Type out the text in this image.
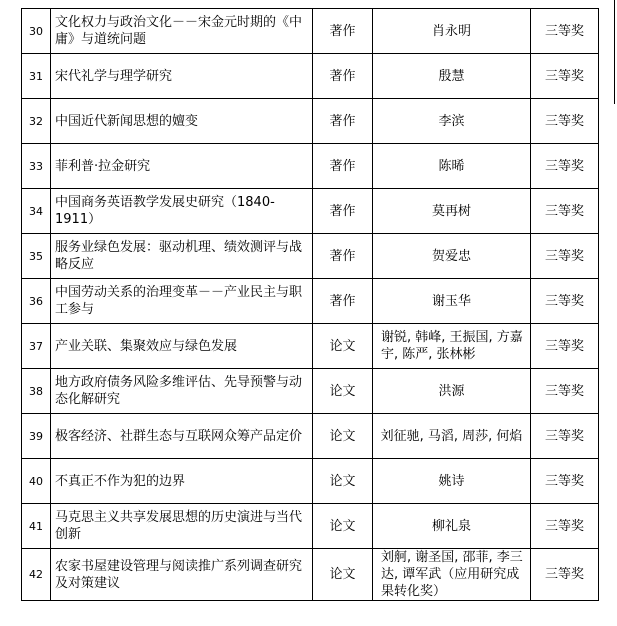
30	文化权力与政治文化－－宋金元时期的《中庸》与道统问题	著作	肖永明	三等奖
31	宋代礼学与理学研究	著作	殷慧	三等奖
32	中国近代新闻思想的嬗变	著作	李滨	三等奖
33	菲利普·拉金研究	著作	陈晞	三等奖
34	中国商务英语教学发展史研究（1840-1911）	著作	莫再树	三等奖
35	服务业绿色发展：驱动机理、绩效测评与战略反应	著作	贺爱忠	三等奖
36	中国劳动关系的治理变革－－产业民主与职工参与	著作	谢玉华	三等奖
37	产业关联、集聚效应与绿色发展	论文	谢锐, 韩峰, 王振国, 方嘉宇, 陈严, 张林彬	三等奖
38	地方政府债务风险多维评估、先导预警与动态化解研究	论文	洪源	三等奖
39	极客经济、社群生态与互联网众筹产品定价	论文	刘征驰, 马滔, 周莎, 何焰	三等奖
40	不真正不作为犯的边界	论文	姚诗	三等奖
41	马克思主义共享发展思想的历史演进与当代创新	论文	柳礼泉	三等奖
42	农家书屋建设管理与阅读推广系列调查研究及对策建议	论文	刘舸, 谢圣国, 邵菲, 李三达, 谭军武（应用研究成果转化奖）	三等奖
